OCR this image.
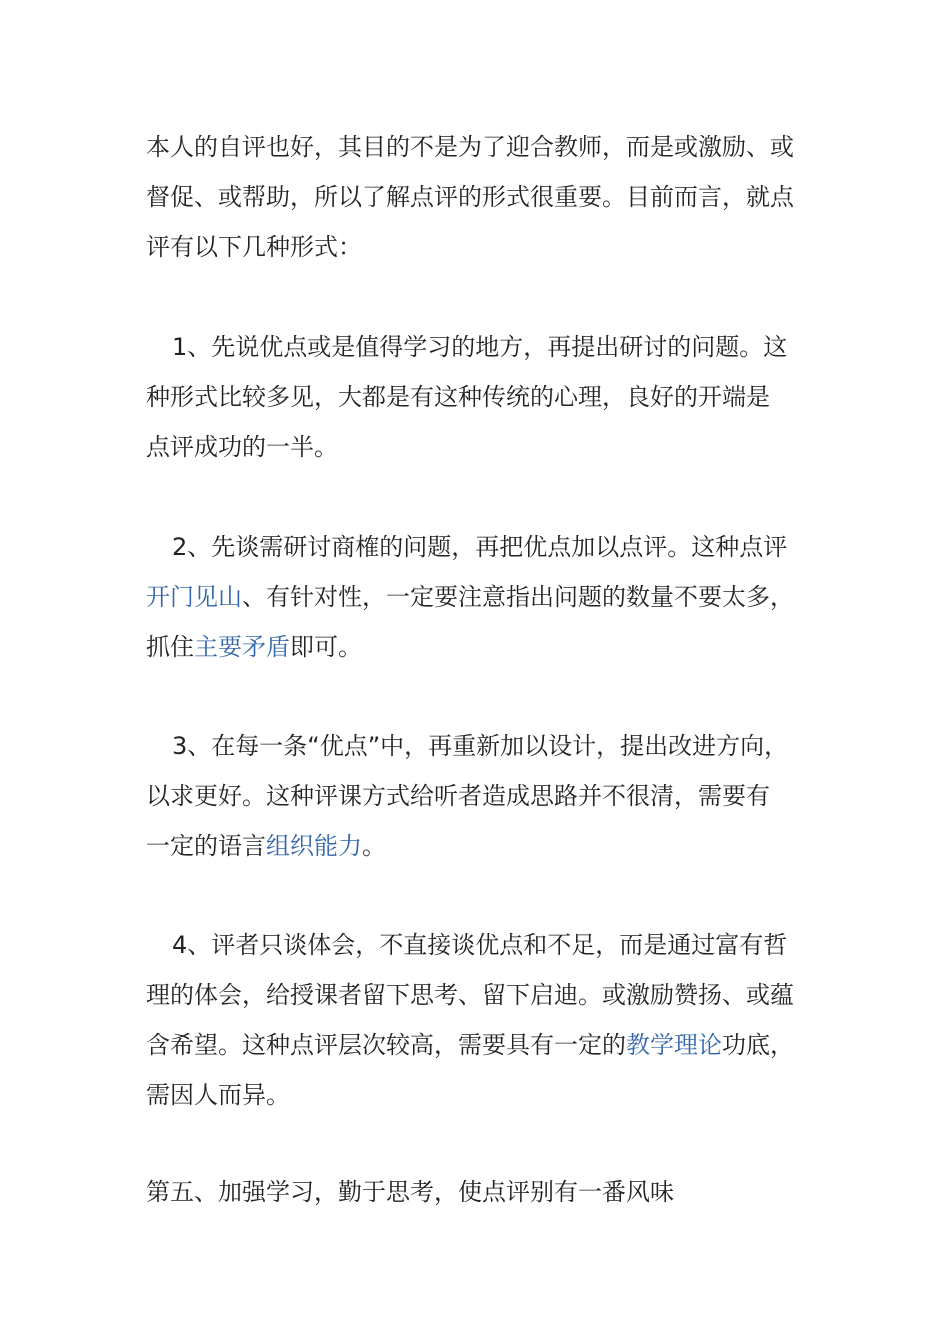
本人的自评也好，其目的不是为了迎合教师，而是或激励、或
督促、或帮助，所以了解点评的形式很重要。目前而言，就点
评有以下几种形式：
1、先说优点或是值得学习的地方，再提出研讨的问题。这
种形式比较多见，大都是有这种传统的心理，良好的开端是
点评成功的一半。
2、先谈需研讨商榷的问题，再把优点加以点评。这种点评
开门见山、有针对性，一定要注意指出问题的数量不要太多，
抓住主要矛盾即可。
3、在每一条“优点”中，再重新加以设计，提出改进方向，
以求更好。这种评课方式给听者造成思路并不很清，需要有
一定的语言组织能力。
4、评者只谈体会，不直接谈优点和不足，而是通过富有哲
理的体会，给授课者留下思考、留下启迪。或激励赞扬、或蕴
含希望。这种点评层次较高，需要具有一定的教学理论功底，
需因人而异。
第五、加强学习，勤于思考，使点评别有一番风味
